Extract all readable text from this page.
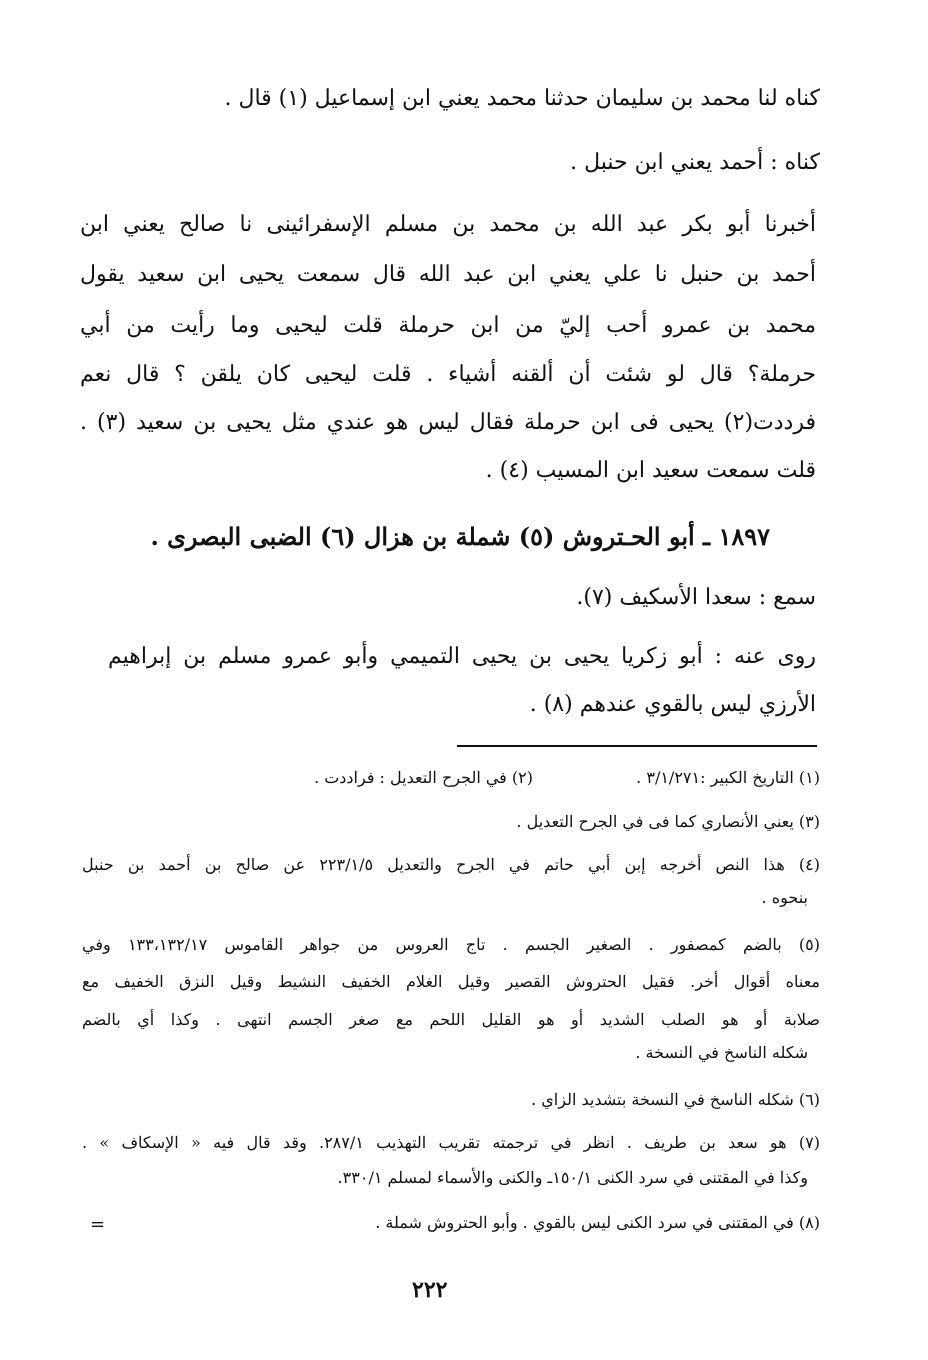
كناه لنا محمد بن سليمان حدثنا محمد يعني ابن إسماعيل (١) قال .
كناه : أحمد يعني ابن حنبل .
أخبرنا أبو بكر عبد الله بن محمد بن مسلم الإسفرائينى نا صالح يعني ابن
أحمد بن حنبل نا علي يعني ابن عبد الله قال سمعت يحيى ابن سعيد يقول
محمد بن عمرو أحب إليّ من ابن حرملة قلت ليحيى وما رأيت من أبي
حرملة؟ قال لو شئت أن ألقنه أشياء . قلت ليحيى كان يلقن ؟ قال نعم
فرددت(٢) يحيى فى ابن حرملة فقال ليس هو عندي مثل يحيى بن سعيد (٣) .
قلت سمعت سعيد ابن المسيب (٤) .
١٨٩٧ ـ أبو الحـتروش (٥) شملة بن هزال (٦) الضبى البصرى .
سمع : سعدا الأسكيف (٧).
روى عنه : أبو زكريا يحيى بن يحيى التميمي وأبو عمرو مسلم بن إبراهيم
الأرزي ليس بالقوي عندهم (٨) .
(١) التاريخ الكبير :٣/١/٢٧١ .
(٢) في الجرح التعديل : فرادد‌ت .
(٣) يعني الأنصاري كما فى في الجرح التعديل .
(٤) هذا النص أخرجه إبن أبي حاتم في الجرح والتعديل ٢٢٣/١/٥ عن صالح بن أحمد بن حنبل
بنحوه .
(٥) بالضم كمصفور . الصغير الجسم . تاج العروس من جواهر القاموس ١٣٣،١٣٢/١٧ وفي
معناه أقوال أخر. فقيل الحتروش القصير وقيل الغلام الخفيف النشيط وقيل النزق الخفيف مع
صلابة أو هو الصلب الشديد أو هو القليل اللحم مع صغر الجسم انتهى . وكذا أي بالضم
شكله الناسخ في النسخة .
(٦) شكله الناسخ في النسخة بتشديد الزاي .
(٧) هو سعد بن طريف . انظر في ترجمته تقريب التهذيب ٢٨٧/١. وقد قال فيه « الإسكاف » .
وكذا في المقتنى في سرد الكنى ١٥٠/١ـ والكنى والأسماء لمسلم ٣٣٠/١.
(٨) في المقتنى في سرد الكنى ليس بالقوي . وأبو الحتروش شملة .
=
٢٢٢
